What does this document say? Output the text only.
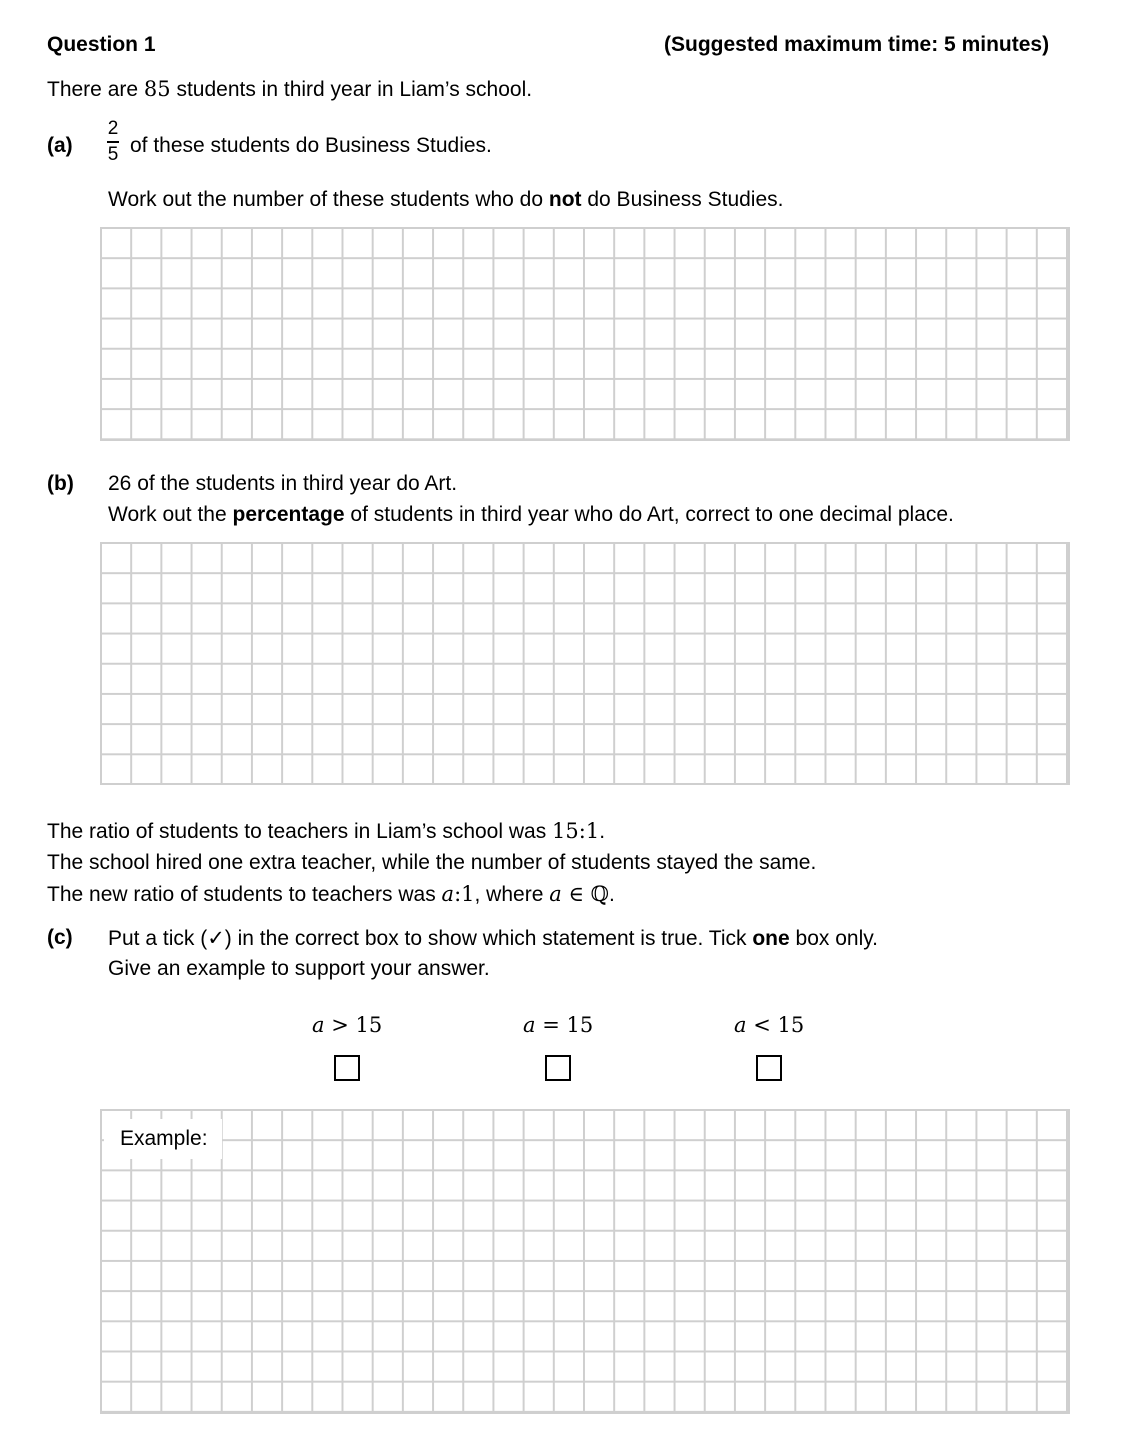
Question 1	(Suggested maximum time: 5 minutes)
There are 85 students in third year in Liam’s school.
(a)
2
5 of these students do Business Studies.
Work out the number of these students who do not do Business Studies.
(b) 26 of the students in third year do Art.
Work out the percentage of students in third year who do Art, correct to one decimal place.
The ratio of students to teachers in Liam’s school was 15:1.
The school hired one extra teacher, while the number of students stayed the same.
The new ratio of students to teachers was a:1, where a ∈ ℚ.
(c) Put a tick (✓) in the correct box to show which statement is true. Tick one box only.
Give an example to support your answer.
a > 15	a = 15	a < 15
Example:
